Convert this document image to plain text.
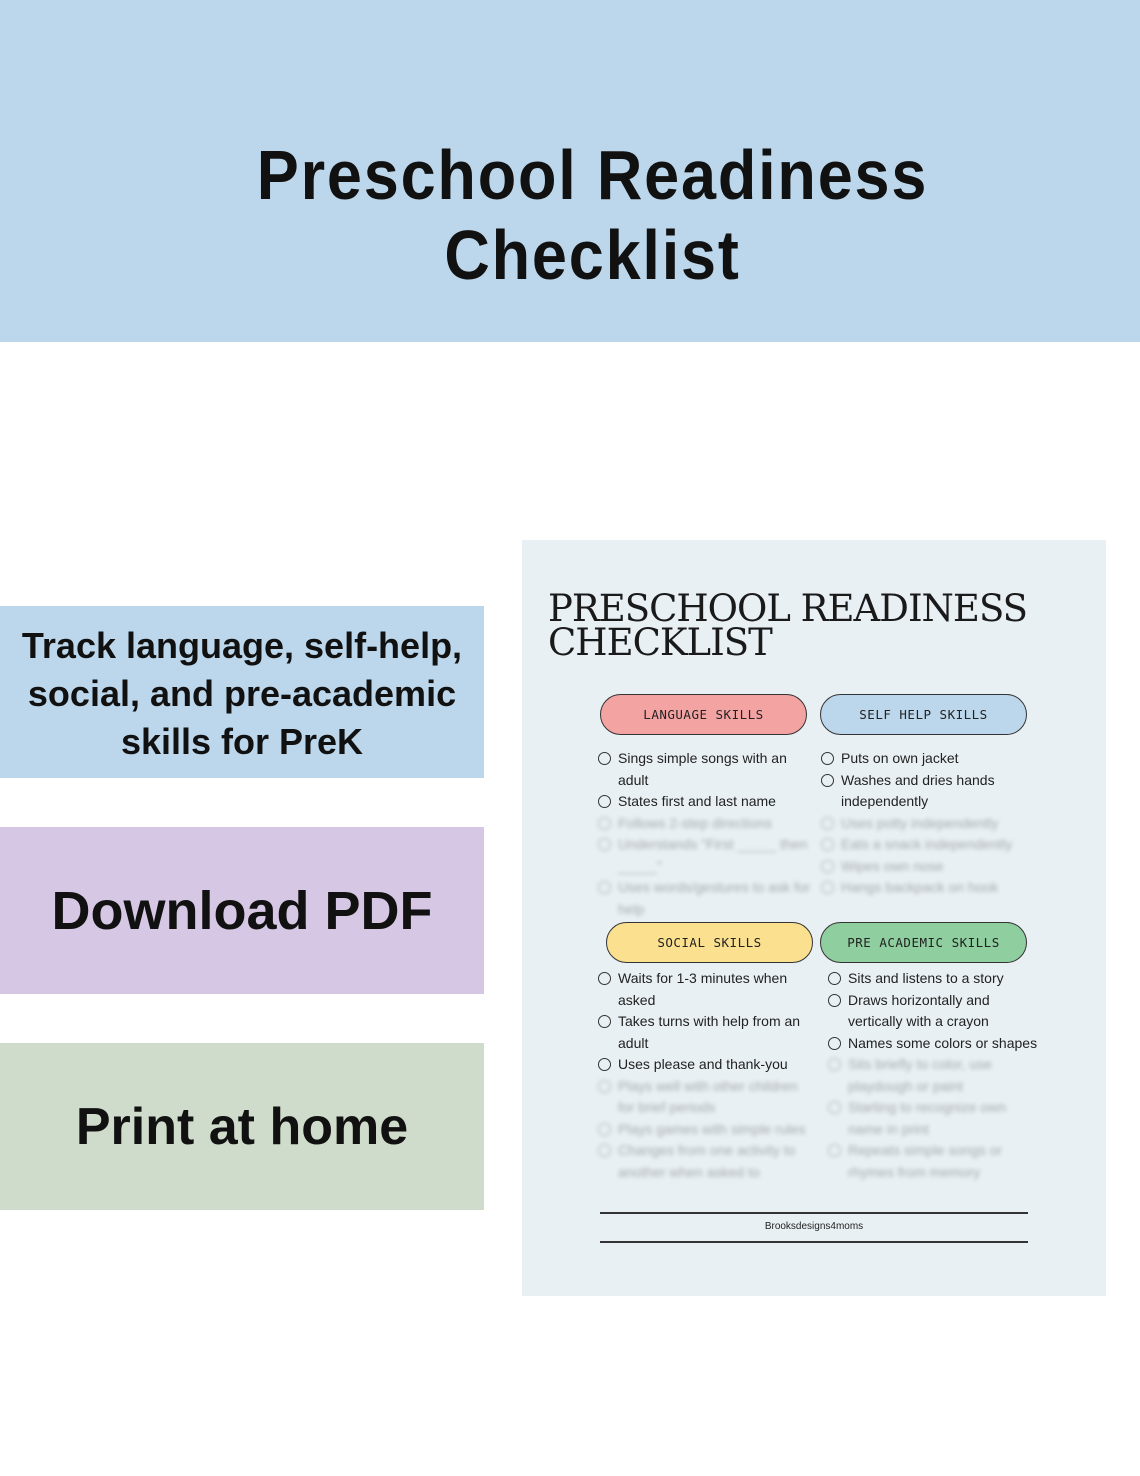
Preschool Readiness Checklist
Track language, self-help, social, and pre-academic skills for PreK
Download PDF
Print at home
PRESCHOOL READINESS
CHECKLIST
LANGUAGE SKILLS
Sings simple songs with an adult
States first and last name
Follows 2-step directions
Understands "First _____ then _____"
Uses words/gestures to ask for help
SELF HELP SKILLS
Puts on own jacket
Washes and dries hands independently
Uses potty independently
Eats a snack independently
Wipes own nose
Hangs backpack on hook
SOCIAL SKILLS
Waits for 1-3 minutes when asked
Takes turns with help from an adult
Uses please and thank-you
Plays well with other children for brief periods
Plays games with simple rules
Changes from one activity to another when asked to
PRE ACADEMIC SKILLS
Sits and listens to a story
Draws horizontally and vertically with a crayon
Names some colors or shapes
Sits briefly to color, use playdough or paint
Starting to recognize own name in print
Repeats simple songs or rhymes from memory
Brooksdesigns4moms
